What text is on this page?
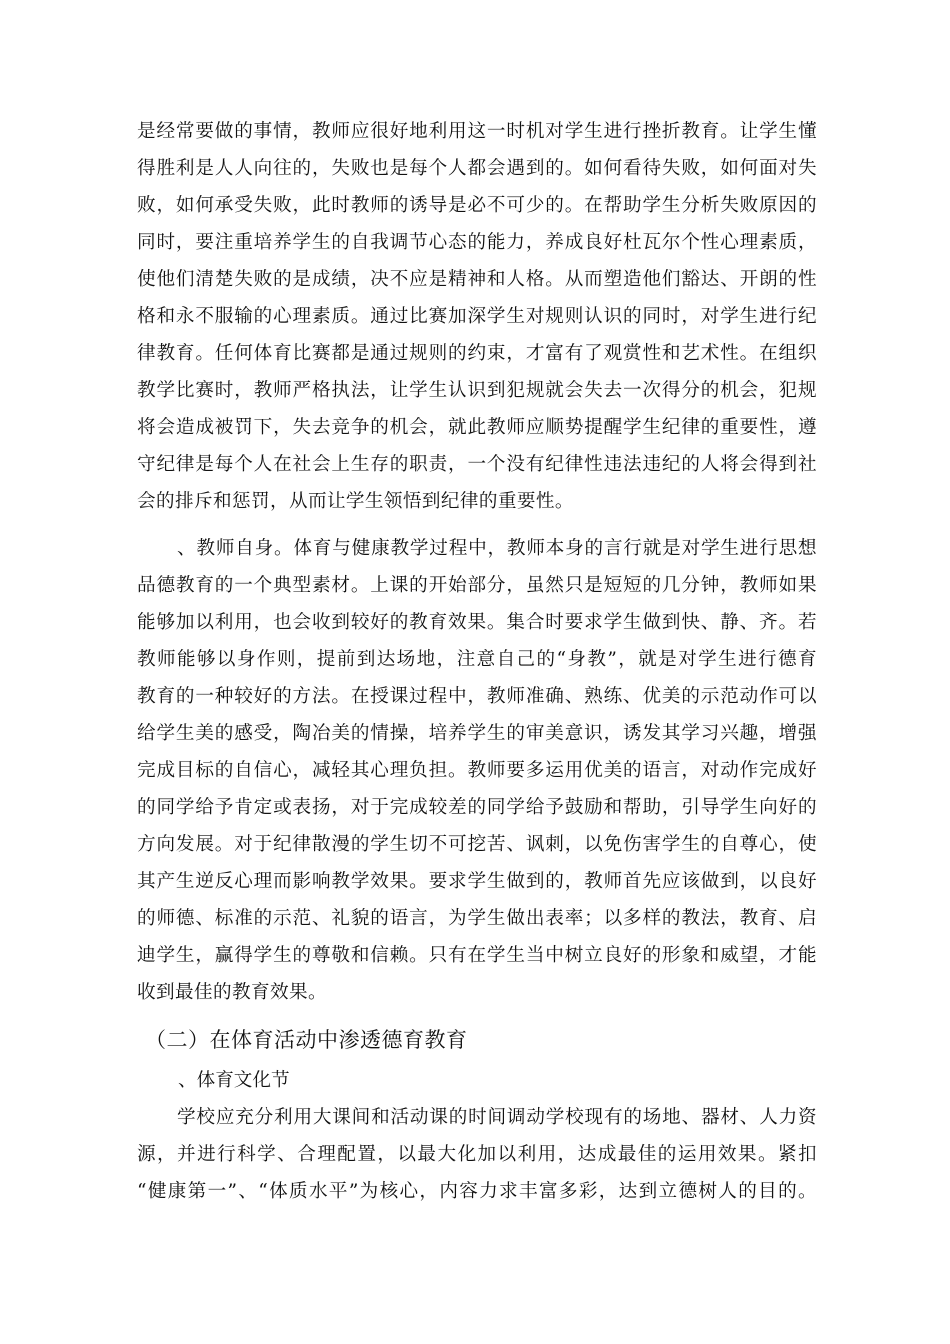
是经常要做的事情，教师应很好地利用这一时机对学生进行挫折教育。让学生懂
得胜利是人人向往的，失败也是每个人都会遇到的。如何看待失败，如何面对失
败，如何承受失败，此时教师的诱导是必不可少的。在帮助学生分析失败原因的
同时，要注重培养学生的自我调节心态的能力，养成良好杜瓦尔个性心理素质，
使他们清楚失败的是成绩，决不应是精神和人格。从而塑造他们豁达、开朗的性
格和永不服输的心理素质。通过比赛加深学生对规则认识的同时，对学生进行纪
律教育。任何体育比赛都是通过规则的约束，才富有了观赏性和艺术性。在组织
教学比赛时，教师严格执法，让学生认识到犯规就会失去一次得分的机会，犯规
将会造成被罚下，失去竞争的机会，就此教师应顺势提醒学生纪律的重要性，遵
守纪律是每个人在社会上生存的职责，一个没有纪律性违法违纪的人将会得到社
会的排斥和惩罚，从而让学生领悟到纪律的重要性。
、教师自身。体育与健康教学过程中，教师本身的言行就是对学生进行思想
品德教育的一个典型素材。上课的开始部分，虽然只是短短的几分钟，教师如果
能够加以利用，也会收到较好的教育效果。集合时要求学生做到快、静、齐。若
教师能够以身作则，提前到达场地，注意自己的“身教”，就是对学生进行德育
教育的一种较好的方法。在授课过程中，教师准确、熟练、优美的示范动作可以
给学生美的感受，陶冶美的情操，培养学生的审美意识，诱发其学习兴趣，增强
完成目标的自信心，减轻其心理负担。教师要多运用优美的语言，对动作完成好
的同学给予肯定或表扬，对于完成较差的同学给予鼓励和帮助，引导学生向好的
方向发展。对于纪律散漫的学生切不可挖苦、讽刺，以免伤害学生的自尊心，使
其产生逆反心理而影响教学效果。要求学生做到的，教师首先应该做到，以良好
的师德、标准的示范、礼貌的语言，为学生做出表率；以多样的教法，教育、启
迪学生，赢得学生的尊敬和信赖。只有在学生当中树立良好的形象和威望，才能
收到最佳的教育效果。
（二）在体育活动中渗透德育教育
、体育文化节
学校应充分利用大课间和活动课的时间调动学校现有的场地、器材、人力资
源，并进行科学、合理配置，以最大化加以利用，达成最佳的运用效果。紧扣
“健康第一”、“体质水平”为核心，内容力求丰富多彩，达到立德树人的目的。
